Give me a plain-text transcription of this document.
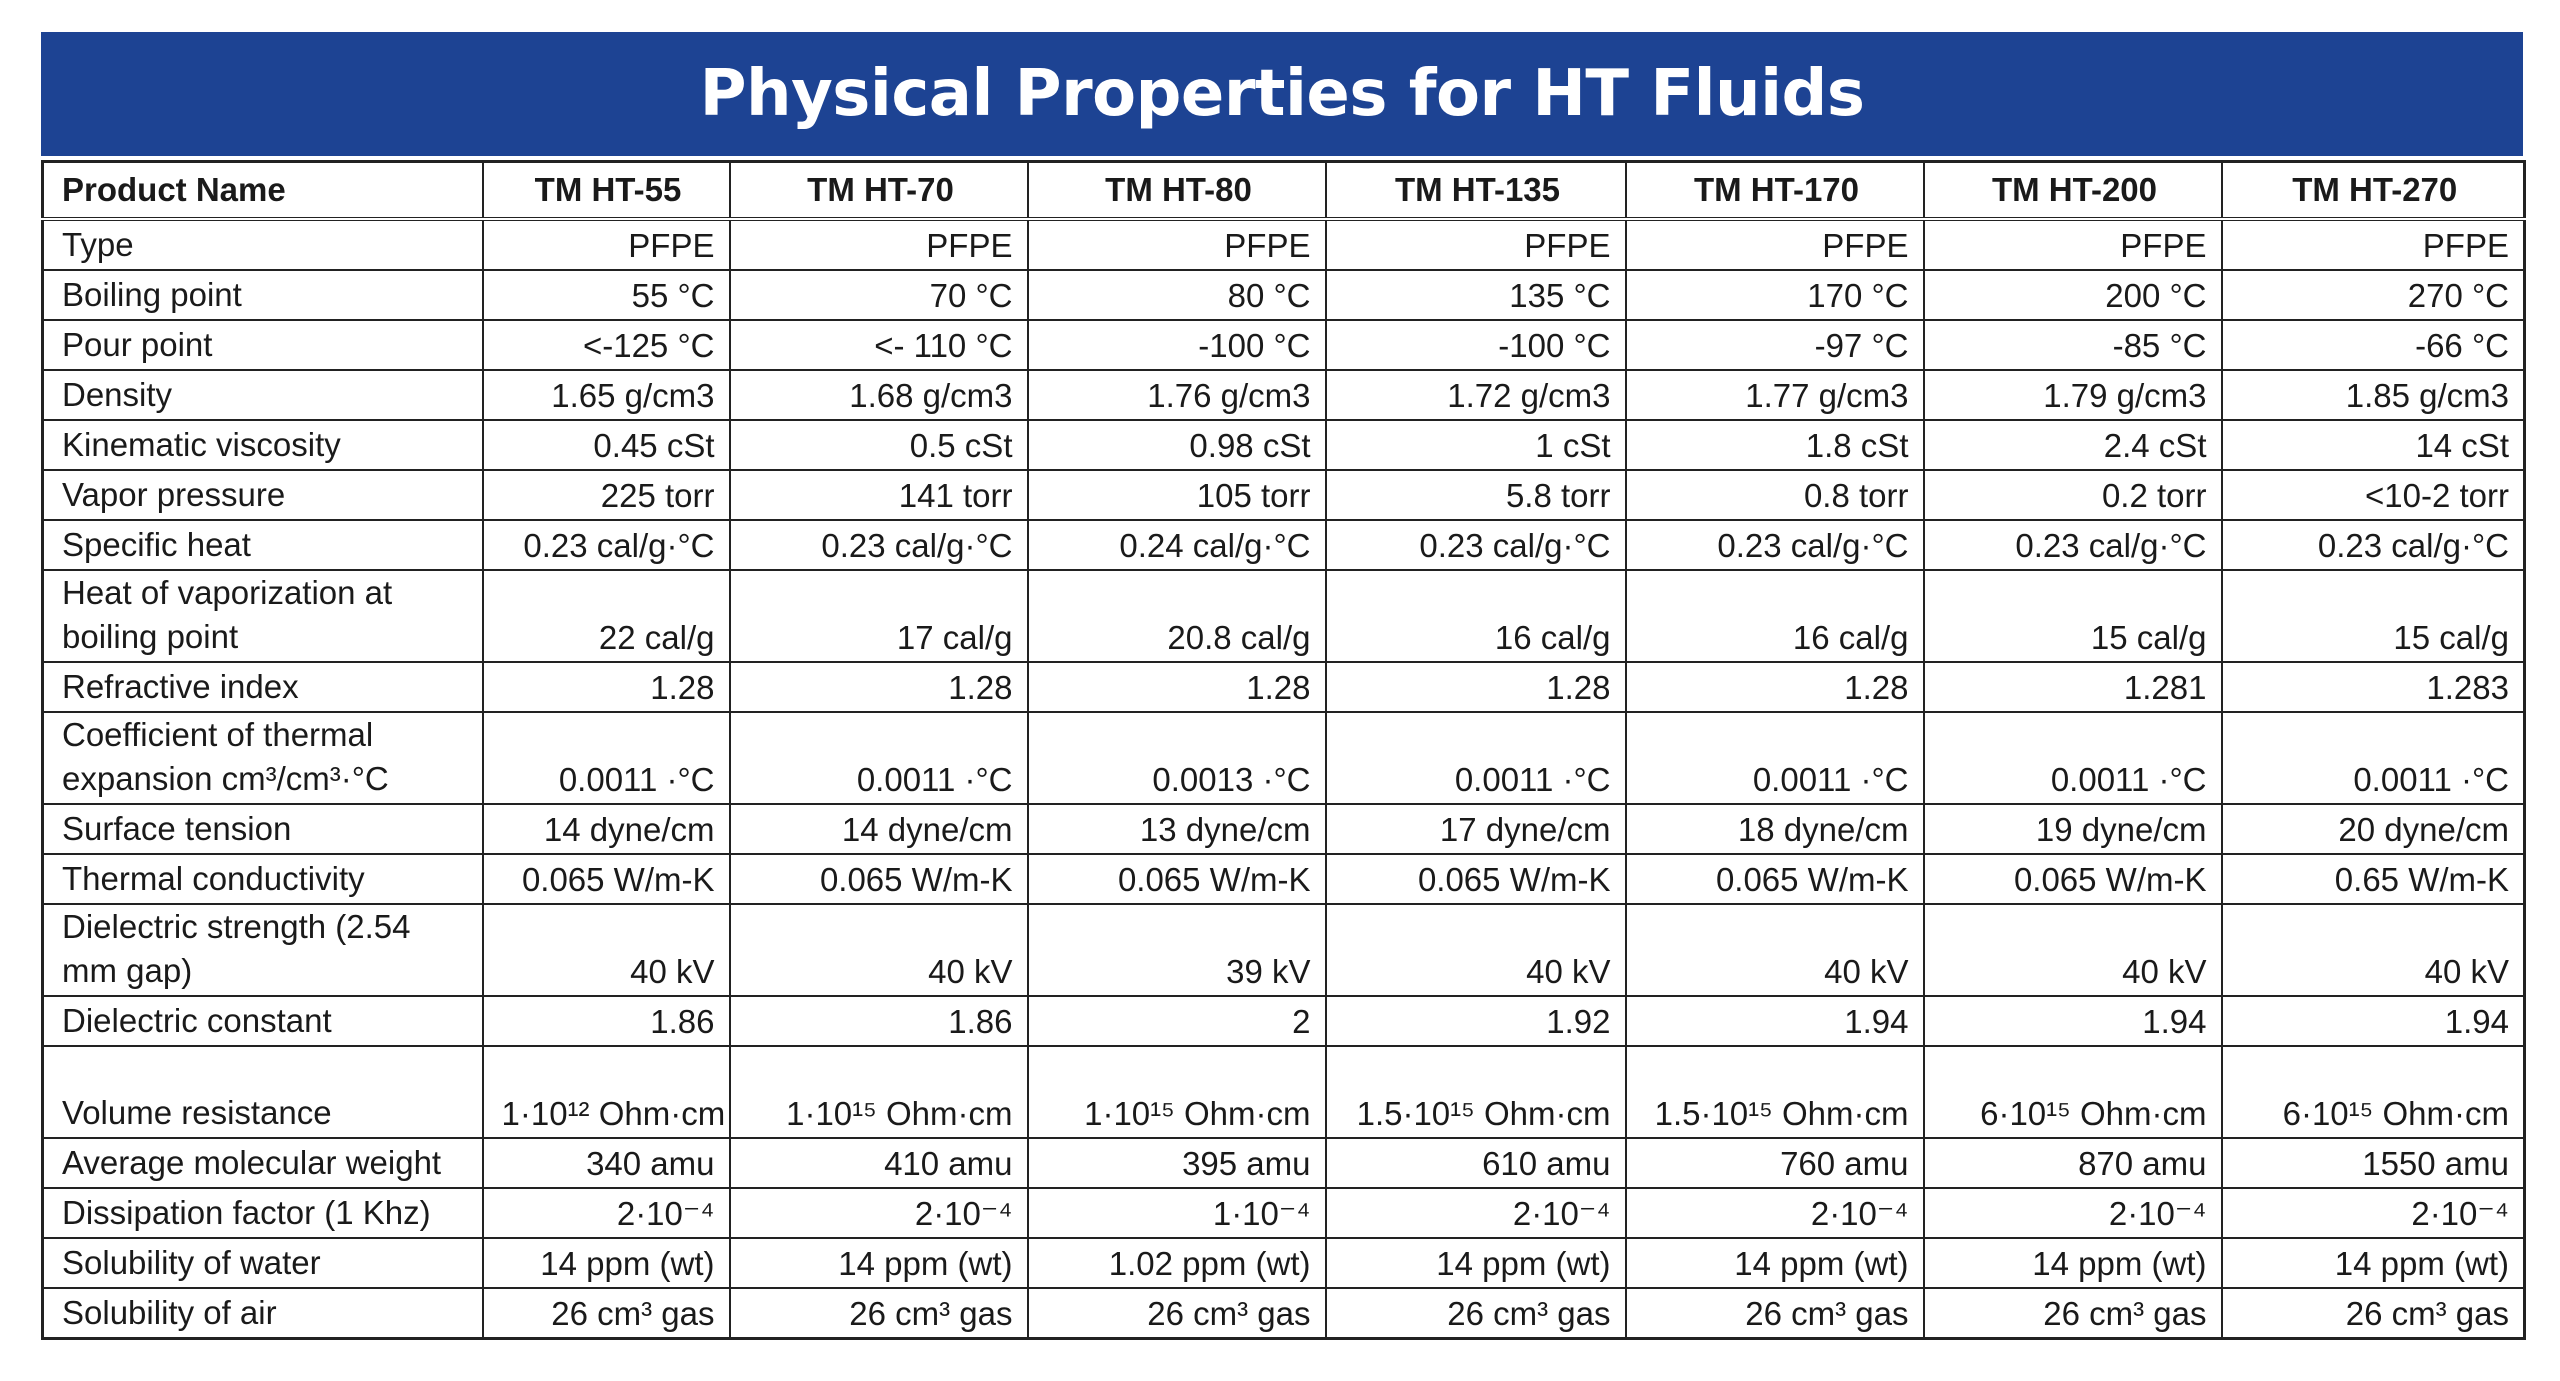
Physical Properties for HT Fluids
Product Name	TM HT-55	TM HT-70	TM HT-80	TM HT-135	TM HT-170	TM HT-200	TM HT-270
Type	PFPE	PFPE	PFPE	PFPE	PFPE	PFPE	PFPE
Boiling point	55 °C	70 °C	80 °C	135 °C	170 °C	200 °C	270 °C
Pour point	<-125 °C	<- 110 °C	-100 °C	-100 °C	-97 °C	-85 °C	-66 °C
Density	1.65 g/cm3	1.68 g/cm3	1.76 g/cm3	1.72 g/cm3	1.77 g/cm3	1.79 g/cm3	1.85 g/cm3
Kinematic viscosity	0.45 cSt	0.5 cSt	0.98 cSt	1 cSt	1.8 cSt	2.4 cSt	14 cSt
Vapor pressure	225 torr	141 torr	105 torr	5.8 torr	0.8 torr	0.2 torr	<10-2 torr
Specific heat	0.23 cal/g·°C	0.23 cal/g·°C	0.24 cal/g·°C	0.23 cal/g·°C	0.23 cal/g·°C	0.23 cal/g·°C	0.23 cal/g·°C
Heat of vaporization at boiling point	22 cal/g	17 cal/g	20.8 cal/g	16 cal/g	16 cal/g	15 cal/g	15 cal/g
Refractive index	1.28	1.28	1.28	1.28	1.28	1.281	1.283
Coefficient of thermal expansion cm³/cm³·°C	0.0011 ·°C	0.0011 ·°C	0.0013 ·°C	0.0011 ·°C	0.0011 ·°C	0.0011 ·°C	0.0011 ·°C
Surface tension	14 dyne/cm	14 dyne/cm	13 dyne/cm	17 dyne/cm	18 dyne/cm	19 dyne/cm	20 dyne/cm
Thermal conductivity	0.065 W/m-K	0.065 W/m-K	0.065 W/m-K	0.065 W/m-K	0.065 W/m-K	0.065 W/m-K	0.65 W/m-K
Dielectric strength (2.54 mm gap)	40 kV	40 kV	39 kV	40 kV	40 kV	40 kV	40 kV
Dielectric constant	1.86	1.86	2	1.92	1.94	1.94	1.94
Volume resistance	1·10¹² Ohm·cm	1·10¹⁵ Ohm·cm	1·10¹⁵ Ohm·cm	1.5·10¹⁵ Ohm·cm	1.5·10¹⁵ Ohm·cm	6·10¹⁵ Ohm·cm	6·10¹⁵ Ohm·cm
Average molecular weight	340 amu	410 amu	395 amu	610 amu	760 amu	870 amu	1550 amu
Dissipation factor (1 Khz)	2·10⁻⁴	2·10⁻⁴	1·10⁻⁴	2·10⁻⁴	2·10⁻⁴	2·10⁻⁴	2·10⁻⁴
Solubility of water	14 ppm (wt)	14 ppm (wt)	1.02 ppm (wt)	14 ppm (wt)	14 ppm (wt)	14 ppm (wt)	14 ppm (wt)
Solubility of air	26 cm³ gas	26 cm³ gas	26 cm³ gas	26 cm³ gas	26 cm³ gas	26 cm³ gas	26 cm³ gas
